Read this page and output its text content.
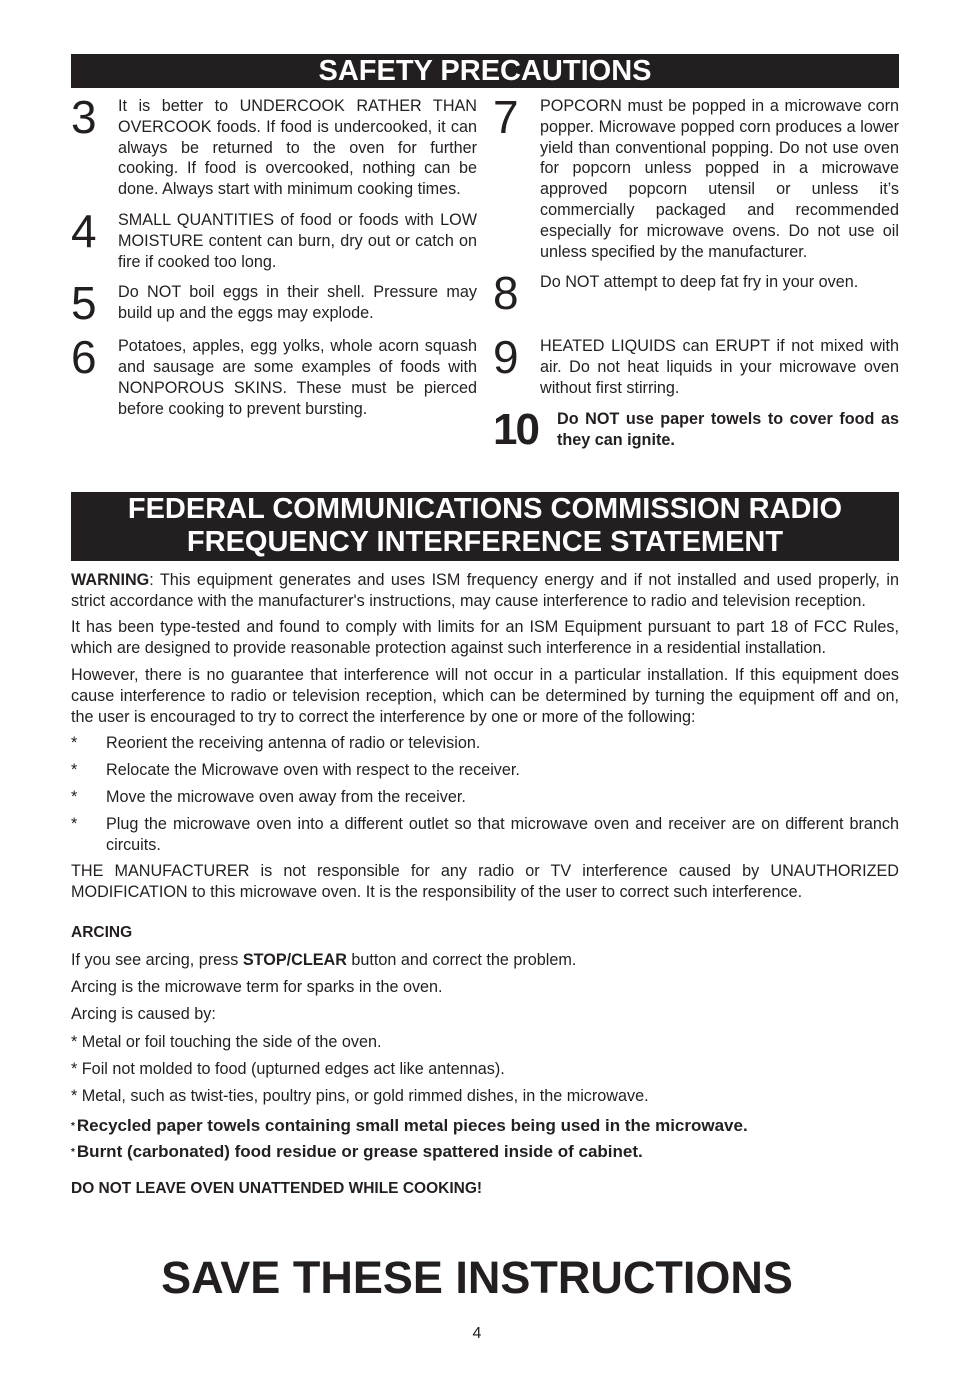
SAFETY PRECAUTIONS
3	It is better to UNDERCOOK RATHER THAN OVERCOOK foods. If food is undercooked, it can always be returned to the oven for further cooking. If food is overcooked, nothing can be done. Always start with minimum cooking times.
4	SMALL QUANTITIES of food or foods with LOW MOISTURE content can burn, dry out or catch on fire if cooked too long.
5	Do NOT boil eggs in their shell. Pressure may build up and the eggs may explode.
6	Potatoes, apples, egg yolks, whole acorn squash and sausage are some examples of foods with NONPOROUS SKINS. These must be pierced before cooking to prevent bursting.
7	POPCORN must be popped in a microwave corn popper. Microwave popped corn produces a lower yield than conventional popping. Do not use oven for popcorn unless popped in a microwave approved popcorn utensil or unless it’s commercially packaged and recommended especially for microwave ovens. Do not use oil unless specified by the manufacturer.
8	Do NOT attempt to deep fat fry in your oven.
9	HEATED LIQUIDS can ERUPT if not mixed with air. Do not heat liquids in your microwave oven without first stirring.
10	Do NOT use paper towels to cover food as they can ignite.
FEDERAL COMMUNICATIONS COMMISSION RADIO
FREQUENCY INTERFERENCE STATEMENT

WARNING: This equipment generates and uses ISM frequency energy and if not installed and used properly, in strict accordance with the manufacturer's instructions, may cause interference to radio and television reception.

It has been type-tested and found to comply with limits for an ISM Equipment pursuant to part 18 of FCC Rules, which are designed to provide reasonable protection against such interference in a residential installation.

However, there is no guarantee that interference will not occur in a particular installation. If this equipment does cause interference to radio or television reception, which can be determined by turning the equipment off and on, the user is encouraged to try to correct the interference by one or more of the following:

*	Reorient the receiving antenna of radio or television.
*	Relocate the Microwave oven with respect to the receiver.
*	Move the microwave oven away from the receiver.
*	Plug the microwave oven into a different outlet so that microwave oven and receiver are on different branch circuits.

THE MANUFACTURER is not responsible for any radio or TV interference caused by UNAUTHORIZED MODIFICATION to this microwave oven. It is the responsibility of the user to correct such interference.

ARCING

If you see arcing, press STOP/CLEAR button and correct the problem.

Arcing is the microwave term for sparks in the oven.

Arcing is caused by:

* Metal or foil touching the side of the oven.

* Foil not molded to food (upturned edges act like antennas).

* Metal, such as twist-ties, poultry pins, or gold rimmed dishes, in the microwave.

* Recycled paper towels containing small metal pieces being used in the microwave.

* Burnt (carbonated) food residue or grease spattered inside of cabinet.

DO NOT LEAVE OVEN UNATTENDED WHILE COOKING!
SAVE THESE INSTRUCTIONS
4
